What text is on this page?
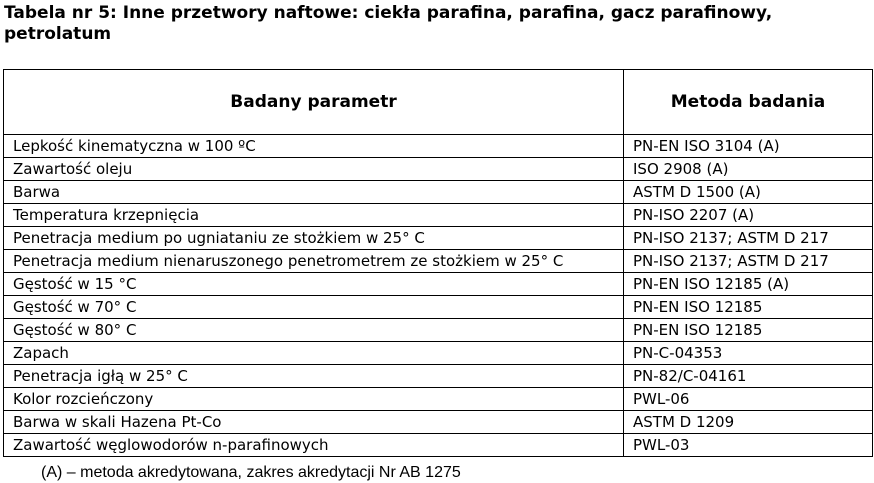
Tabela nr 5: Inne przetwory naftowe: ciekła parafina, parafina, gacz parafinowy, petrolatum
Badany parametr	Metoda badania
Lepkość kinematyczna w 100 ºC	PN-EN ISO 3104 (A)
Zawartość oleju	ISO 2908 (A)
Barwa	ASTM D 1500 (A)
Temperatura krzepnięcia	PN-ISO 2207 (A)
Penetracja medium po ugniataniu ze stożkiem w 25° C	PN-ISO 2137; ASTM D 217
Penetracja medium nienaruszonego penetrometrem ze stożkiem w 25° C	PN-ISO 2137; ASTM D 217
Gęstość w 15 °C	PN-EN ISO 12185 (A)
Gęstość w 70° C	PN-EN ISO 12185
Gęstość w 80° C	PN-EN ISO 12185
Zapach	PN-C-04353
Penetracja igłą w 25° C	PN-82/C-04161
Kolor rozcieńczony	PWL-06
Barwa w skali Hazena Pt-Co	ASTM D 1209
Zawartość węglowodorów n-parafinowych	PWL-03
(A) – metoda akredytowana, zakres akredytacji Nr AB 1275
